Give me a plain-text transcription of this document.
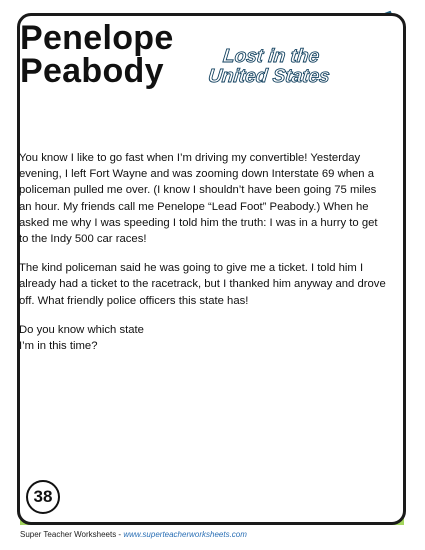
Penelope
Peabody	Lost in the
United States

You know I like to go fast when I’m driving my convertible! Yesterday evening, I left Fort Wayne and was zooming down Interstate 69 when a policeman pulled me over. (I know I shouldn’t have been going 75 miles an hour. My friends call me Penelope “Lead Foot” Peabody.) When he asked me why I was speeding I told him the truth: I was in a hurry to get to the Indy 500 car races!

The kind policeman said he was going to give me a ticket. I told him I already had a ticket to the racetrack, but I thanked him anyway and drove off. What friendly police officers this state has!

Do you know which state
I’m in this time?

38
Super Teacher Worksheets - www.superteacherworksheets.com
